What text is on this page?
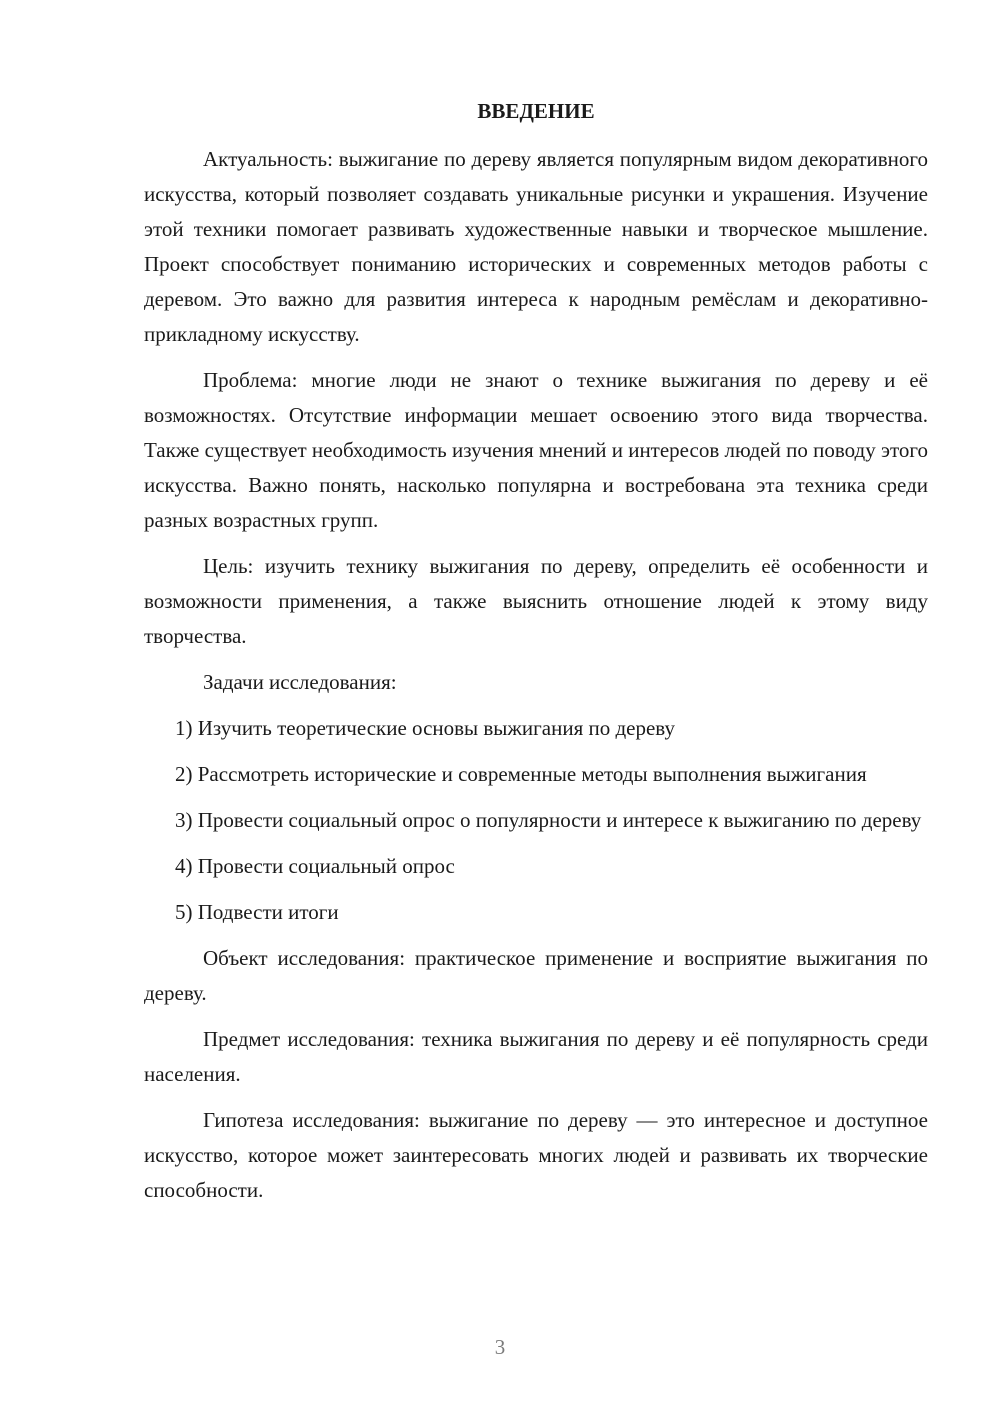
ВВЕДЕНИЕ

Актуальность: выжигание по дереву является популярным видом декоративного искусства, который позволяет создавать уникальные рисунки и украшения. Изучение этой техники помогает развивать художественные навыки и творческое мышление. Проект способствует пониманию исторических и современных методов работы с деревом. Это важно для развития интереса к народным ремёслам и декоративно-прикладному искусству.

Проблема: многие люди не знают о технике выжигания по дереву и её возможностях. Отсутствие информации мешает освоению этого вида творчества. Также существует необходимость изучения мнений и интересов людей по поводу этого искусства. Важно понять, насколько популярна и востребована эта техника среди разных возрастных групп.

Цель: изучить технику выжигания по дереву, определить её особенности и возможности применения, а также выяснить отношение людей к этому виду творчества.

Задачи исследования:

1) Изучить теоретические основы выжигания по дереву

2) Рассмотреть исторические и современные методы выполнения выжигания

3) Провести социальный опрос о популярности и интересе к выжиганию по дереву

4) Провести социальный опрос

5) Подвести итоги

Объект исследования: практическое применение и восприятие выжигания по дереву.

Предмет исследования: техника выжигания по дереву и её популярность среди населения.

Гипотеза исследования: выжигание по дереву — это интересное и доступное искусство, которое может заинтересовать многих людей и развивать их творческие способности.

3
